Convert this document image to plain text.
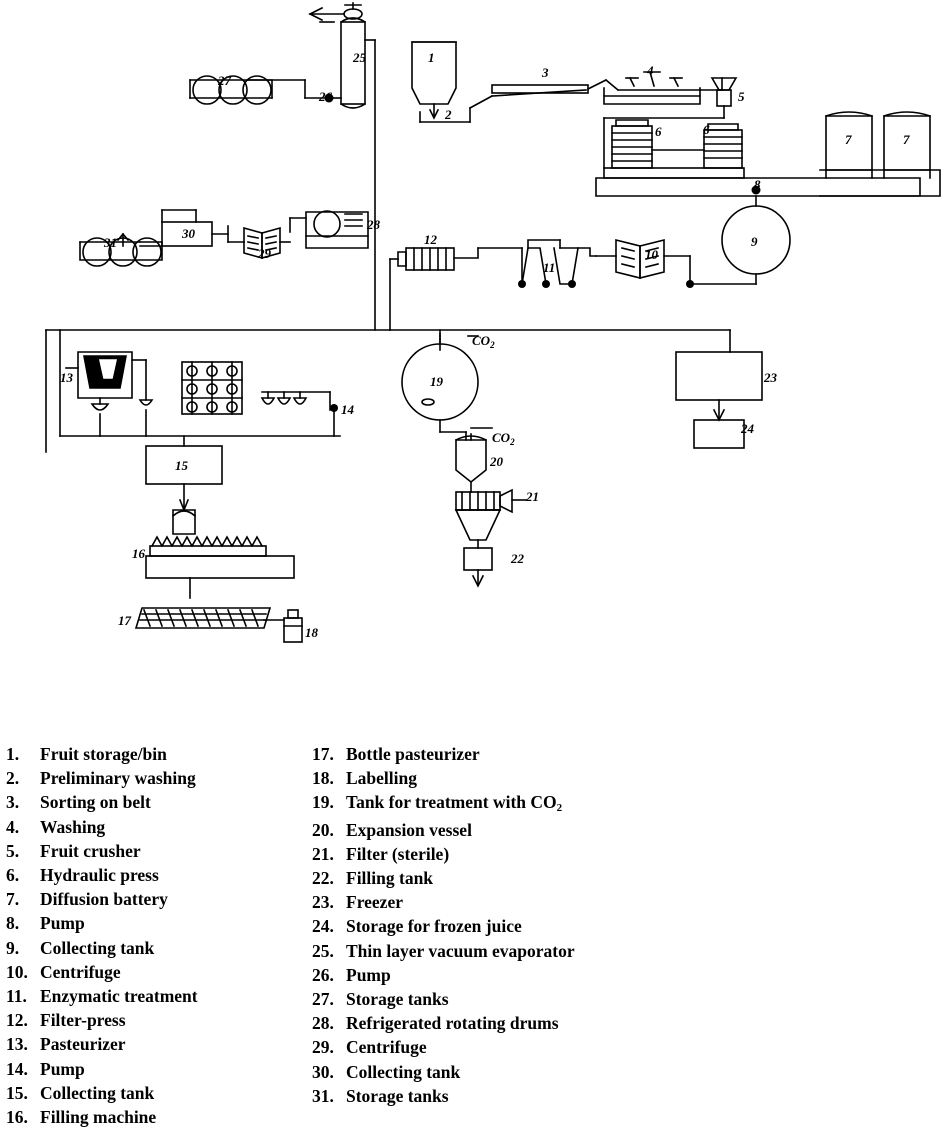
1
2
3	4
5
6	6
7	7
8
9
10
11
12
13
14
15
16
17
18
19
20
21
22
23
24
25
26
27
28
29
30
31
$CO_2$
$CO_2$
1.	Fruit storage/bin
2.	Preliminary washing
3.	Sorting on belt
4.	Washing
5.	Fruit crusher
6.	Hydraulic press
7.	Diffusion battery
8.	Pump
9.	Collecting tank
10. Centrifuge
11. Enzymatic treatment
12. Filter-press
13. Pasteurizer
14. Pump
15. Collecting tank
16. Filling machine
17. Bottle pasteurizer
18. Labelling
19. Tank for treatment with $CO_2$
20. Expansion vessel
21. Filter (sterile)
22. Filling tank
23. Freezer
24. Storage for frozen juice
25. Thin layer vacuum evaporator
26. Pump
27. Storage tanks
28. Refrigerated rotating drums
29. Centrifuge
30. Collecting tank
31. Storage tanks
